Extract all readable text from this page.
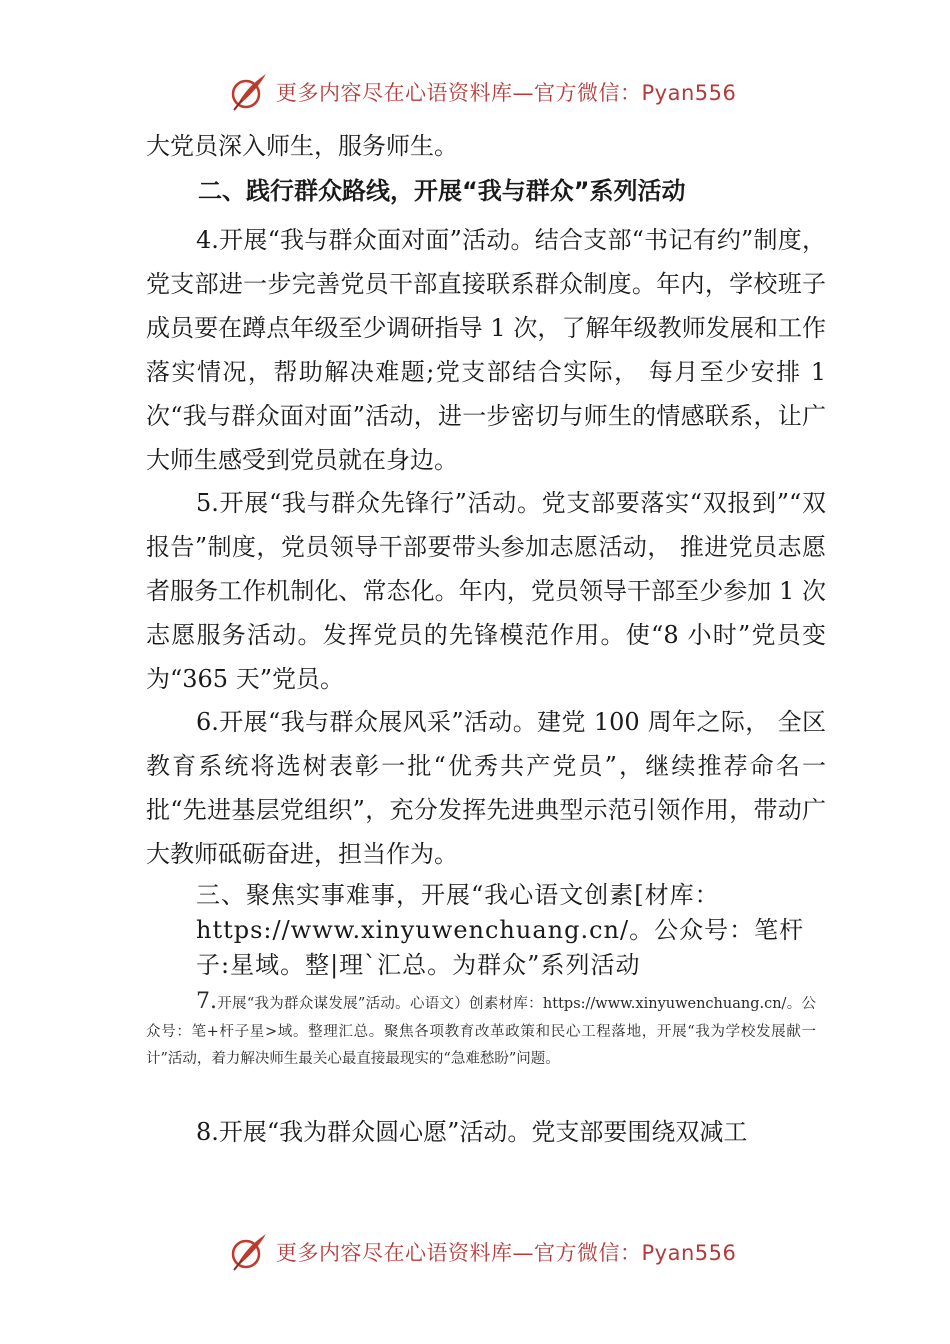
更多内容尽在心语资料库—官方微信：Pyan556

大党员深入师生，服务师生。

二、践行群众路线，开展“我与群众”系列活动

4.开展“我与群众面对面”活动。结合支部“书记有约”制度，党支部进一步完善党员干部直接联系群众制度。年内，学校班子成员要在蹲点年级至少调研指导 1 次，了解年级教师发展和工作落实情况，帮助解决难题;党支部结合实际， 每月至少安排 1 次“我与群众面对面”活动，进一步密切与师生的情感联系，让广大师生感受到党员就在身边。

5.开展“我与群众先锋行”活动。党支部要落实“双报到”“双报告”制度，党员领导干部要带头参加志愿活动， 推进党员志愿者服务工作机制化、常态化。年内，党员领导干部至少参加 1 次志愿服务活动。发挥党员的先锋模范作用。使“8 小时”党员变为“365 天”党员。

6.开展“我与群众展风采”活动。建党 100 周年之际， 全区教育系统将选树表彰一批“优秀共产党员”，继续推荐命名一批“先进基层党组织”，充分发挥先进典型示范引领作用，带动广大教师砥砺奋进，担当作为。

三、聚焦实事难事，开展“我心语文创素[材库：https://www.xinyuwenchuang.cn/。公众号：笔杆子:星域。整|理`汇总。为群众”系列活动

7.开展“我为群众谋发展”活动。心语文）创素材库：https://www.xinyuwenchuang.cn/。公众号：笔+杆子星>域。整理汇总。聚焦各项教育改革政策和民心工程落地，开展“我为学校发展献一计”活动，着力解决师生最关心最直接最现实的“急难愁盼”问题。

8.开展“我为群众圆心愿”活动。党支部要围绕双减工

更多内容尽在心语资料库—官方微信：Pyan556
